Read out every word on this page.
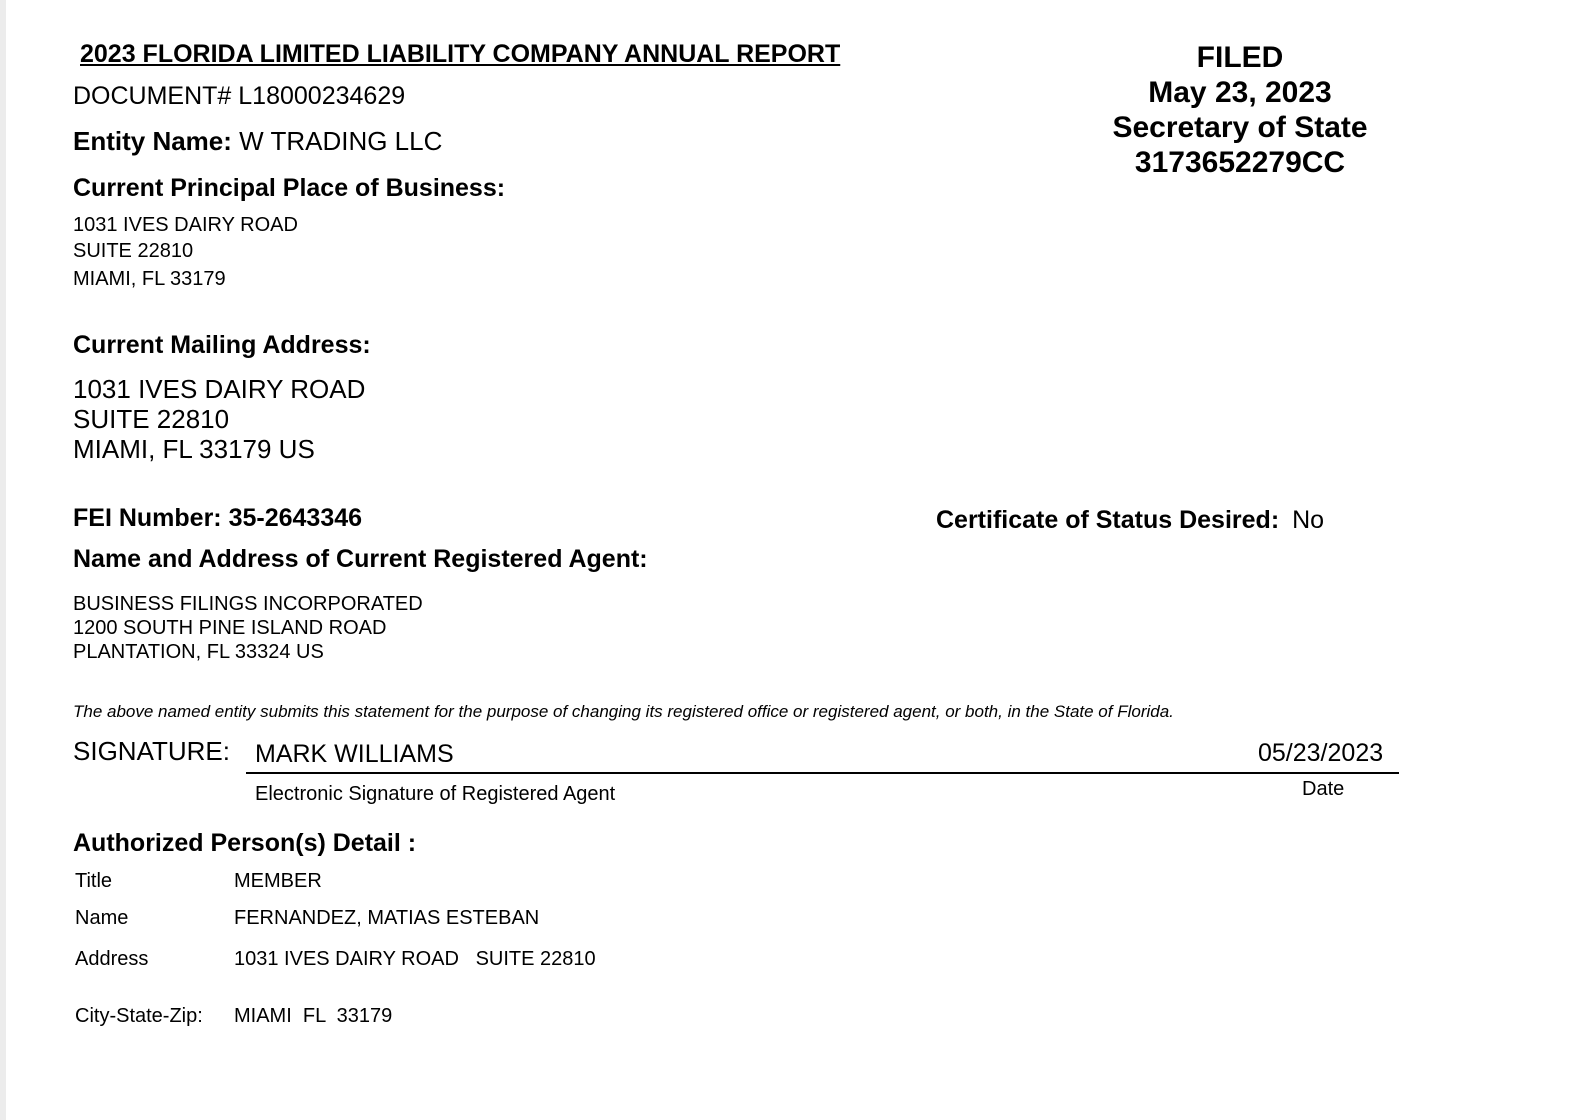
2023 FLORIDA LIMITED LIABILITY COMPANY ANNUAL REPORT
DOCUMENT# L18000234629
FILED
May 23, 2023
Secretary of State
3173652279CC
Entity Name: W TRADING LLC
Current Principal Place of Business:
1031 IVES DAIRY ROAD
SUITE 22810
MIAMI, FL 33179
Current Mailing Address:
1031 IVES DAIRY ROAD
SUITE 22810
MIAMI, FL 33179 US
FEI Number: 35-2643346	Certificate of Status Desired: No
Name and Address of Current Registered Agent:
BUSINESS FILINGS INCORPORATED
1200 SOUTH PINE ISLAND ROAD
PLANTATION, FL 33324 US
The above named entity submits this statement for the purpose of changing its registered office or registered agent, or both, in the State of Florida.
SIGNATURE: MARK WILLIAMS	05/23/2023
Electronic Signature of Registered Agent	Date
Authorized Person(s) Detail :
Title	MEMBER
Name	FERNANDEZ, MATIAS ESTEBAN
Address	1031 IVES DAIRY ROAD   SUITE 22810
City-State-Zip: MIAMI  FL  33179
